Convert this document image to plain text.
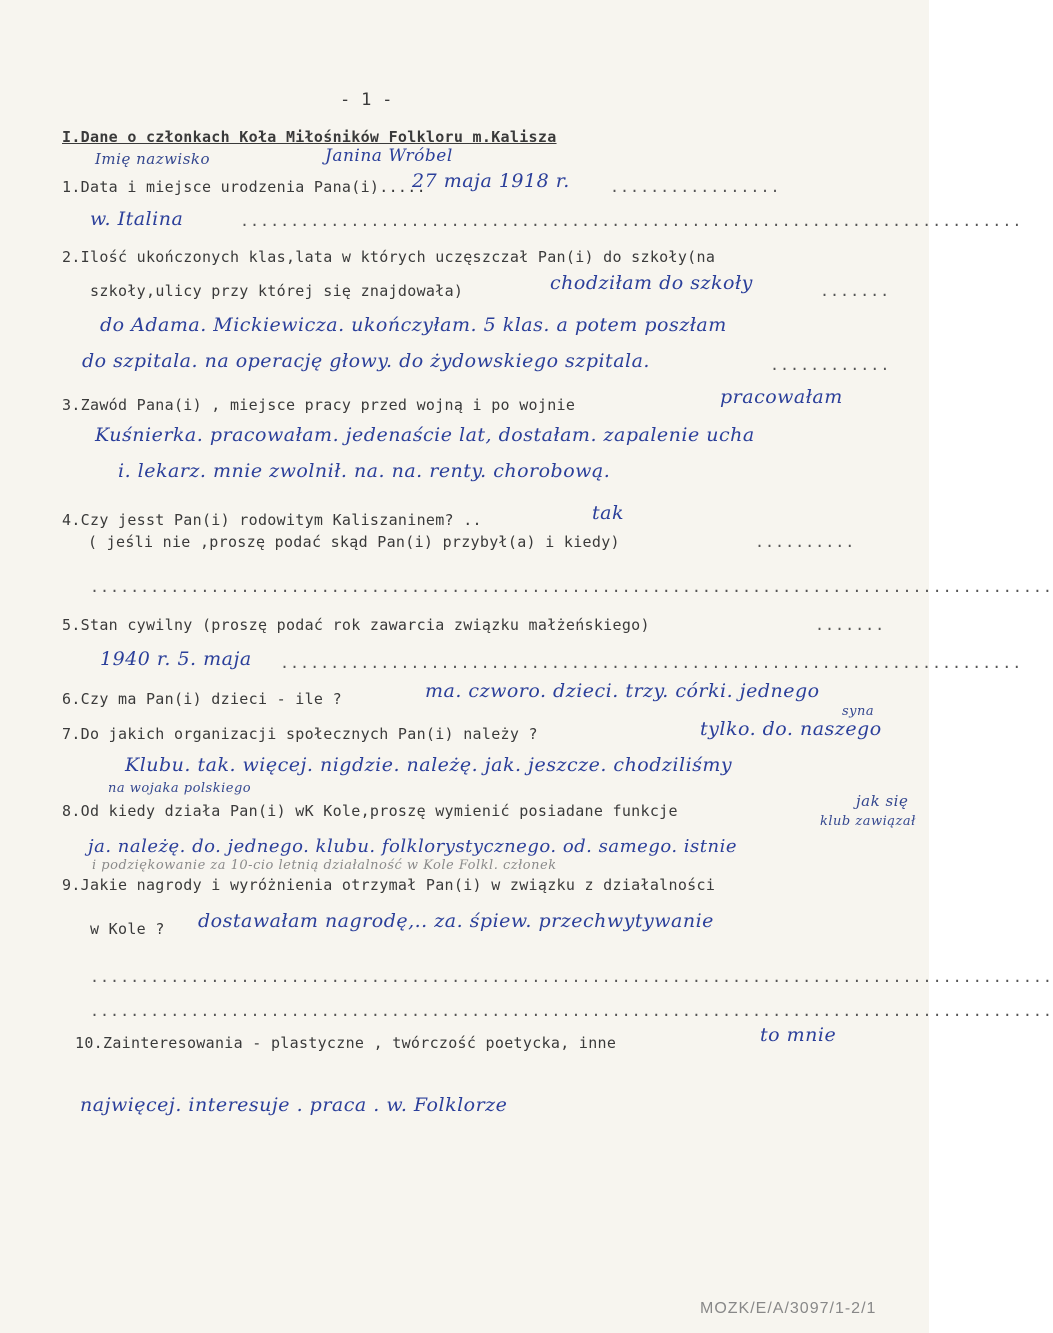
- 1 -
I.Dane o członkach Koła Miłośników Folkloru m.Kalisza
Imię nazwisko	Janina Wróbel
1.Data i miejsce urodzenia Pana(i).....
27 maja 1918 r.	.................
w. Italina	..............................................................................
2.Ilość ukończonych klas,lata w których uczęszczał Pan(i) do szkoły(na
szkoły,ulicy przy której się znajdowała)	chodziłam do szkoły	.......
do Adama. Mickiewicza. ukończyłam. 5 klas. a potem poszłam
do szpitala. na operację głowy. do żydowskiego szpitala.	............
3.Zawód Pana(i) , miejsce pracy przed wojną i po wojnie	pracowałam
Kuśnierka. pracowałam. jedenaście lat, dostałam. zapalenie ucha
i. lekarz. mnie zwolnił. na. na. renty. chorobową.
4.Czy jesst Pan(i) rodowitym Kaliszaninem? ..	tak
( jeśli nie ,proszę podać skąd Pan(i) przybył(a) i kiedy)	..........
................................................................................................
5.Stan cywilny (proszę podać rok zawarcia związku małżeńskiego)	.......
1940 r. 5. maja ..........................................................................
6.Czy ma Pan(i) dzieci - ile ?	ma. czworo. dzieci. trzy. córki. jednego
syna
7.Do jakich organizacji społecznych Pan(i) należy ?	tylko. do. naszego
Klubu. tak. więcej. nigdzie. należę. jak. jeszcze. chodziliśmy
na wojaka polskiego
8.Od kiedy działa Pan(i) wK Kole,proszę wymienić posiadane funkcje
jak się
klub zawiązał
ja. należę. do. jednego. klubu. folklorystycznego. od. samego. istnie
i podziękowanie za 10-cio letnią działalność w Kole Folkl. członek
9.Jakie nagrody i wyróżnienia otrzymał Pan(i) w związku z działalności
w Kole ? dostawałam nagrodę,.. za. śpiew. przechwytywanie
................................................................................................
................................................................................................
10.Zainteresowania - plastyczne , twórczość poetycka, inne	to mnie
najwięcej. interesuje . praca . w. Folklorze
MOZK/E/A/3097/1-2/1
